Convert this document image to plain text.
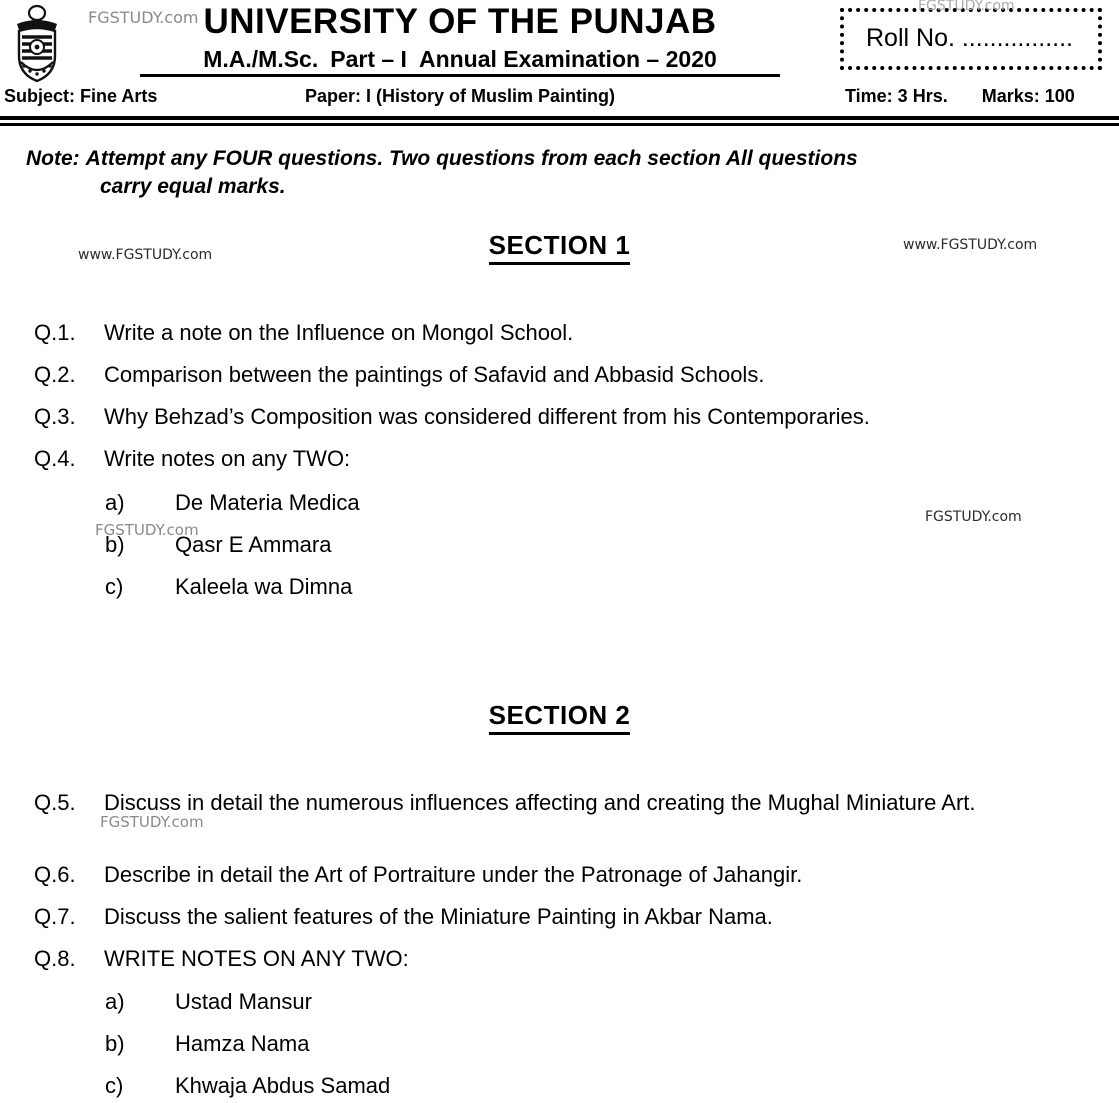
UNIVERSITY OF THE PUNJAB
M.A./M.Sc. Part – I Annual Examination – 2020
Subject: Fine Arts	Paper: I (History of Muslim Painting)
Roll No. ................
Time: 3 Hrs. Marks: 100
Note: Attempt any FOUR questions. Two questions from each section All questions
carry equal marks.
SECTION 1
Q.1.	Write a note on the Influence on Mongol School.
Q.2.	Comparison between the paintings of Safavid and Abbasid Schools.
Q.3.	Why Behzad’s Composition was considered different from his Contemporaries.
Q.4.	Write notes on any TWO:
a)	De Materia Medica
b)	Qasr E Ammara
c)	Kaleela wa Dimna
SECTION 2
Q.5.	Discuss in detail the numerous influences affecting and creating the Mughal Miniature Art.
Q.6.	Describe in detail the Art of Portraiture under the Patronage of Jahangir.
Q.7.	Discuss the salient features of the Miniature Painting in Akbar Nama.
Q.8.	WRITE NOTES ON ANY TWO:
a)	Ustad Mansur
b)	Hamza Nama
c)	Khwaja Abdus Samad
FGSTUDY.com
FGSTUDY.com
www.FGSTUDY.com
www.FGSTUDY.com
FGSTUDY.com
FGSTUDY.com
FGSTUDY.com
